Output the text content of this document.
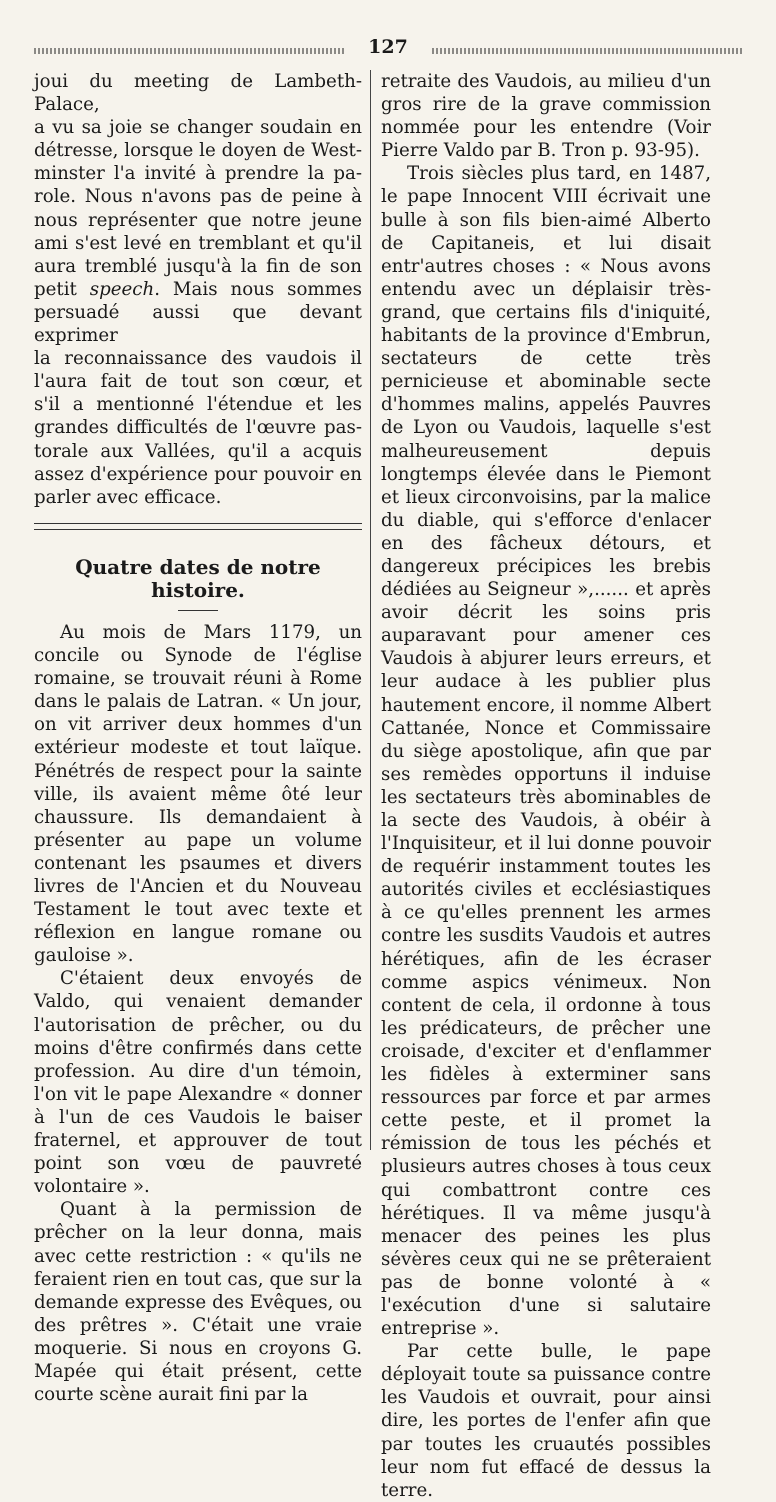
127

joui du meeting de Lambeth-Palace,
a vu sa joie se changer soudain en
détresse, lorsque le doyen de West-
minster l'a invité à prendre la pa-
role. Nous n'avons pas de peine à
nous représenter que notre jeune
ami s'est levé en tremblant et qu'il
aura tremblé jusqu'à la fin de son
petit speech. Mais nous sommes
persuadé aussi que devant exprimer
la reconnaissance des vaudois il
l'aura fait de tout son cœur, et
s'il a mentionné l'étendue et les
grandes difficultés de l'œuvre pas-
torale aux Vallées, qu'il a acquis
assez d'expérience pour pouvoir en
parler avec efficace.

Quatre dates de notre histoire.

Au mois de Mars 1179, un concile ou Synode de l'église romaine, se trouvait réuni à Rome dans le palais de Latran. « Un jour, on vit arriver deux hommes d'un extérieur modeste et tout laïque. Pénétrés de respect pour la sainte ville, ils avaient même ôté leur chaussure. Ils demandaient à présenter au pape un volume contenant les psaumes et divers livres de l'Ancien et du Nouveau Testament le tout avec texte et réflexion en langue romane ou gauloise ».

C'étaient deux envoyés de Valdo, qui venaient demander l'autorisation de prêcher, ou du moins d'être confirmés dans cette profession. Au dire d'un témoin, l'on vit le pape Alexandre « donner à l'un de ces Vaudois le baiser fraternel, et approuver de tout point son vœu de pauvreté volontaire ».

Quant à la permission de prêcher on la leur donna, mais avec cette restriction : « qu'ils ne feraient rien en tout cas, que sur la demande expresse des Evêques, ou des prêtres ». C'était une vraie moquerie. Si nous en croyons G. Mapée qui était présent, cette courte scène aurait fini par la

retraite des Vaudois, au milieu d'un gros rire de la grave commission nommée pour les entendre (Voir Pierre Valdo par B. Tron p. 93-95).

Trois siècles plus tard, en 1487, le pape Innocent VIII écrivait une bulle à son fils bien-aimé Alberto de Capitaneis, et lui disait entr'autres choses : « Nous avons entendu avec un déplaisir très-grand, que certains fils d'iniquité, habitants de la province d'Embrun, sectateurs de cette très pernicieuse et abominable secte d'hommes malins, appelés Pauvres de Lyon ou Vaudois, laquelle s'est malheureusement depuis longtemps élevée dans le Piemont et lieux circonvoisins, par la malice du diable, qui s'efforce d'enlacer en des fâcheux détours, et dangereux précipices les brebis dédiées au Seigneur »,...... et après avoir décrit les soins pris auparavant pour amener ces Vaudois à abjurer leurs erreurs, et leur audace à les publier plus hautement encore, il nomme Albert Cattanée, Nonce et Commissaire du siège apostolique, afin que par ses remèdes opportuns il induise les sectateurs très abominables de la secte des Vaudois, à obéir à l'Inquisiteur, et il lui donne pouvoir de requérir instamment toutes les autorités civiles et ecclésiastiques à ce qu'elles prennent les armes contre les susdits Vaudois et autres hérétiques, afin de les écraser comme aspics vénimeux. Non content de cela, il ordonne à tous les prédicateurs, de prêcher une croisade, d'exciter et d'enflammer les fidèles à exterminer sans ressources par force et par armes cette peste, et il promet la rémission de tous les péchés et plusieurs autres choses à tous ceux qui combattront contre ces hérétiques. Il va même jusqu'à menacer des peines les plus sévères ceux qui ne se prêteraient pas de bonne volonté à « l'exécution d'une si salutaire entreprise ».

Par cette bulle, le pape déployait toute sa puissance contre les Vaudois et ouvrait, pour ainsi dire, les portes de l'enfer afin que par toutes les cruautés possibles leur nom fut effacé de dessus la terre.
